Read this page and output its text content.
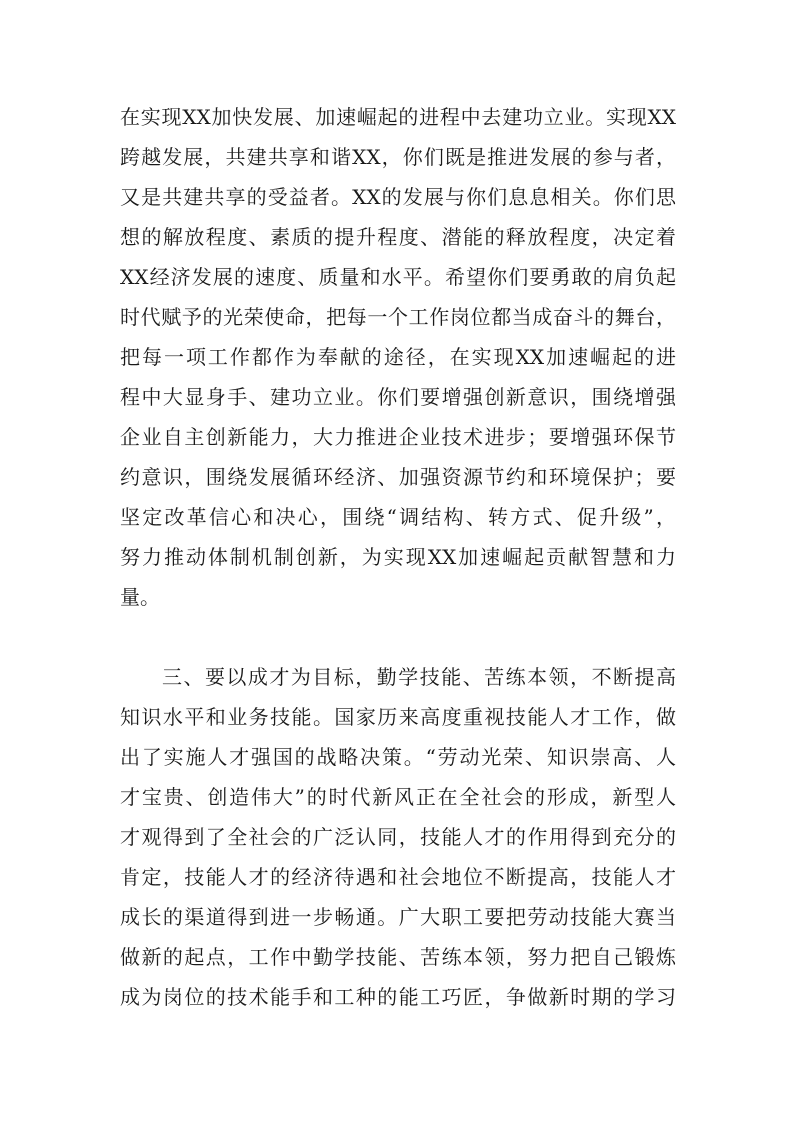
在实现XX加快发展、加速崛起的进程中去建功立业。实现XX
跨越发展，共建共享和谐XX，你们既是推进发展的参与者，
又是共建共享的受益者。XX的发展与你们息息相关。你们思
想的解放程度、素质的提升程度、潜能的释放程度，决定着
XX经济发展的速度、质量和水平。希望你们要勇敢的肩负起
时代赋予的光荣使命，把每一个工作岗位都当成奋斗的舞台，
把每一项工作都作为奉献的途径，在实现XX加速崛起的进
程中大显身手、建功立业。你们要增强创新意识，围绕增强
企业自主创新能力，大力推进企业技术进步；要增强环保节
约意识，围绕发展循环经济、加强资源节约和环境保护；要
坚定改革信心和决心，围绕“调结构、转方式、促升级”，
努力推动体制机制创新，为实现XX加速崛起贡献智慧和力
量。
三、要以成才为目标，勤学技能、苦练本领，不断提高
知识水平和业务技能。国家历来高度重视技能人才工作，做
出了实施人才强国的战略决策。“劳动光荣、知识崇高、人
才宝贵、创造伟大”的时代新风正在全社会的形成，新型人
才观得到了全社会的广泛认同，技能人才的作用得到充分的
肯定，技能人才的经济待遇和社会地位不断提高，技能人才
成长的渠道得到进一步畅通。广大职工要把劳动技能大赛当
做新的起点，工作中勤学技能、苦练本领，努力把自己锻炼
成为岗位的技术能手和工种的能工巧匠，争做新时期的学习
